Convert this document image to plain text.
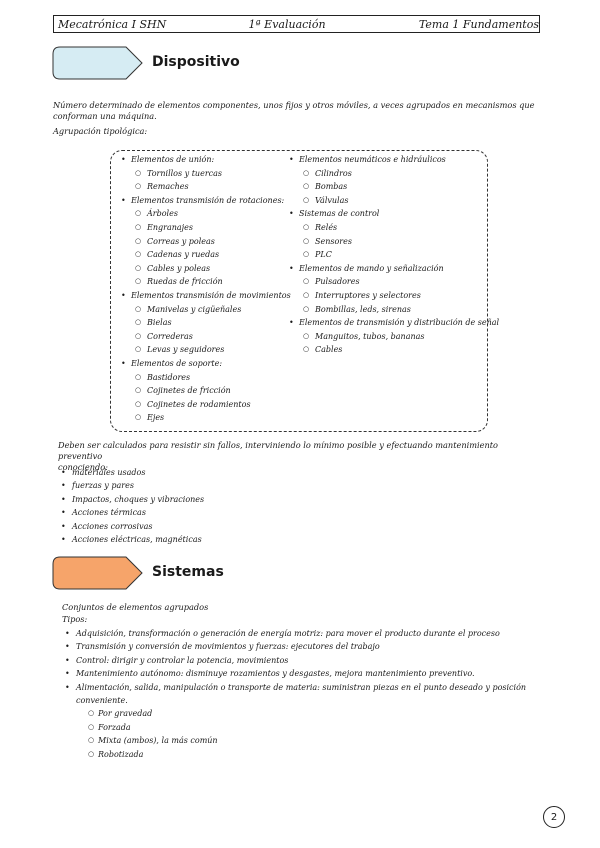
Mecatrónica I SHN	1ª Evaluación	Tema 1 Fundamentos
Dispositivo
Número determinado de elementos componentes, unos fijos y otros móviles, a veces agrupados en mecanismos que conforman una máquina.
Agrupación tipológica:
• Elementos de unión:
○ Tornillos y tuercas
○ Remaches
• Elementos transmisión de rotaciones:
○ Árboles
○ Engranajes
○ Correas y poleas
○ Cadenas y ruedas
○ Cables y poleas
○ Ruedas de fricción
• Elementos transmisión de movimientos
○ Manivelas y cigüeñales
○ Bielas
○ Correderas
○ Levas y seguidores
• Elementos de soporte:
○ Bastidores
○ Cojinetes de fricción
○ Cojinetes de rodamientos
○ Ejes
• Elementos neumáticos e hidráulicos
○ Cilindros
○ Bombas
○ Válvulas
• Sistemas de control
○ Relés
○ Sensores
○ PLC
• Elementos de mando y señalización
○ Pulsadores
○ Interruptores y selectores
○ Bombillas, leds, sirenas
• Elementos de transmisión y distribución de señal
○ Manguitos, tubos, bananas
○ Cables
Deben ser calculados para resistir sin fallos, interviniendo lo mínimo posible y efectuando mantenimiento preventivo
conociendo:
• materiales usados
• fuerzas y pares
• Impactos, choques y vibraciones
• Acciones térmicas
• Acciones corrosivas
• Acciones eléctricas, magnéticas
Sistemas
Conjuntos de elementos agrupados
Tipos:
• Adquisición, transformación o generación de energía motriz: para mover el producto durante el proceso
• Transmisión y conversión de movimientos y fuerzas: ejecutores del trabajo
• Control: dirigir y controlar la potencia, movimientos
• Mantenimiento autónomo: disminuye rozamientos y desgastes, mejora mantenimiento preventivo.
• Alimentación, salida, manipulación o transporte de materia: suministran piezas en el punto deseado y posición
conveniente.
○ Por gravedad
○ Forzada
○ Mixta (ambos), la más común
○ Robotizada
2
